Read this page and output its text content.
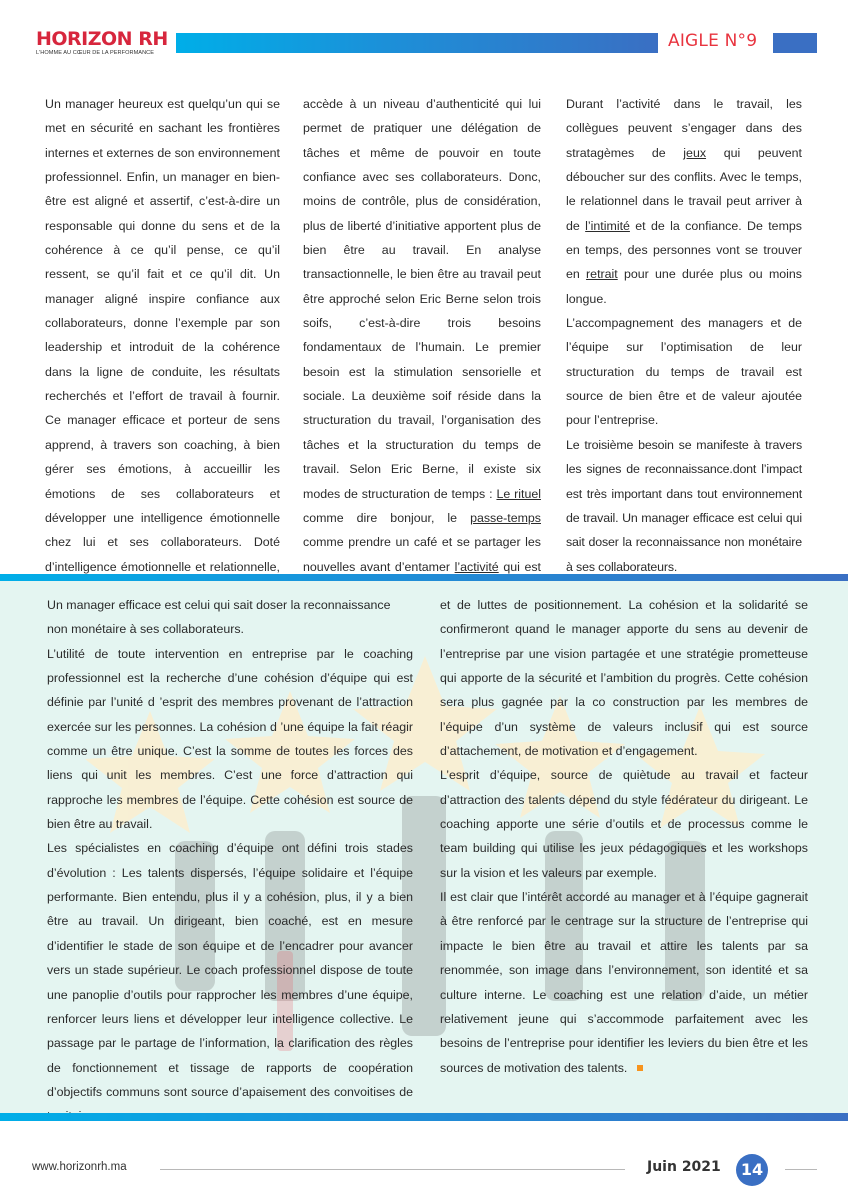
HORIZON RH
L'HOMME AU CŒUR DE LA PERFORMANCE
AIGLE N°9

Un manager heureux est quelqu’un qui se met en sécurité en sachant les frontières internes et externes de son environnement professionnel. Enfin, un manager en bien-être est aligné et assertif, c’est-à-dire un responsable qui donne du sens et de la cohérence à ce qu’il pense, ce qu’il ressent, se qu’il fait et ce qu’il dit. Un manager aligné inspire confiance aux collaborateurs, donne l’exemple par son leadership et introduit de la cohérence dans la ligne de conduite, les résultats recherchés et l’effort de travail à fournir. Ce manager efficace et porteur de sens apprend, à travers son coaching, à bien gérer ses émotions, à accueillir les émotions de ses collaborateurs et développer une intelligence émotionnelle chez lui et ses collaborateurs. Doté d’intelligence émotionnelle et relationnelle,

accède à un niveau d’authenticité qui lui permet de pratiquer une délégation de tâches et même de pouvoir en toute confiance avec ses collaborateurs. Donc, moins de contrôle, plus de considération, plus de liberté d’initiative apportent plus de bien être au travail. En analyse transactionnelle, le bien être au travail peut être approché selon Eric Berne selon trois soifs, c’est-à-dire trois besoins fondamentaux de l’humain. Le premier besoin est la stimulation sensorielle et sociale. La deuxième soif réside dans la structuration du travail, l’organisation des tâches et la structuration du temps de travail. Selon Eric Berne, il existe six modes de structuration de temps : Le rituel comme dire bonjour, le passe-temps comme prendre un café et se partager les nouvelles avant d’entamer l’activité qui est

Durant l’activité dans le travail, les collègues peuvent s’engager dans des stratagèmes de jeux qui peuvent déboucher sur des conflits. Avec le temps, le relationnel dans le travail peut arriver à de l’intimité et de la confiance. De temps en temps, des personnes vont se trouver en retrait pour une durée plus ou moins longue.

L’accompagnement des managers et de l’équipe sur l’optimisation de leur structuration du temps de travail est source de bien être et de valeur ajoutée pour l’entreprise.

Le troisième besoin se manifeste à travers les signes de reconnaissance.dont l’impact est très important dans tout environnement de travail. Un manager efficace est celui qui sait doser la reconnaissance non monétaire à ses collaborateurs.

Un manager efficace est celui qui sait doser la reconnaissance non monétaire à ses collaborateurs.

L’utilité de toute intervention en entreprise par le coaching professionnel est la recherche d’une cohésion d’équipe qui est définie par l’unité d ’esprit des membres provenant de l’attraction exercée sur les personnes. La cohésion d ’une équipe la fait réagir comme un être unique. C’est la somme de toutes les forces des liens qui unit les membres. C’est une force d’attraction qui rapproche les membres de l’équipe. Cette cohésion est source de bien être au travail.

Les spécialistes en coaching d’équipe ont défini trois stades d’évolution : Les talents dispersés, l’équipe solidaire et l’équipe performante. Bien entendu, plus il y a cohésion, plus, il y a bien être au travail. Un dirigeant, bien coaché, est en mesure d’identifier le stade de son équipe et de l’encadrer pour avancer vers un stade supérieur. Le coach professionnel dispose de toute une panoplie d’outils pour rapprocher les membres d’une équipe, renforcer leurs liens et développer leur intelligence collective. Le passage par le partage de l’information, la clarification des règles de fonctionnement et tissage de rapports de coopération d’objectifs communs sont source d’apaisement des convoitises de

et de luttes de positionnement. La cohésion et la solidarité se confirmeront quand le manager apporte du sens au devenir de l’entreprise par une vision partagée et une stratégie prometteuse qui apporte de la sécurité et l’ambition du progrès. Cette cohésion sera plus gagnée par la co construction par les membres de l’équipe d’un système de valeurs inclusif qui est source d’attachement, de motivation et d’engagement.

L’esprit d’équipe, source de quiètude au travail et facteur d’attraction des talents dépend du style fédérateur du dirigeant. Le coaching apporte une série d’outils et de processus comme le team building qui utilise les jeux pédagogiques et les workshops sur la vision et les valeurs par exemple.

Il est clair que l’intérêt accordé au manager et à l’équipe gagnerait à être renforcé par le centrage sur la structure de l’entreprise qui impacte le bien être au travail et attire les talents par sa renommée, son image dans l’environnement, son identité et sa culture interne. Le coaching est une relation d’aide, un métier relativement jeune qui s’accommode parfaitement avec les besoins de l’entreprise pour identifier les leviers du bien être et les sources de motivation des talents.

www.horizonrh.ma	Juin 2021	14
